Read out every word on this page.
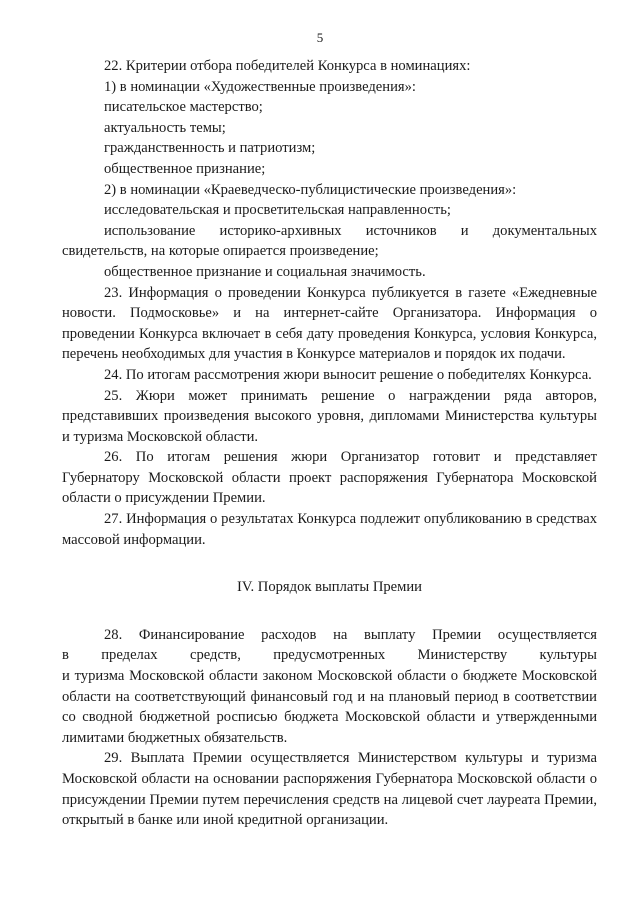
5

22. Критерии отбора победителей Конкурса в номинациях:

1) в номинации «Художественные произведения»:

писательское мастерство;

актуальность темы;

гражданственность и патриотизм;

общественное признание;

2) в номинации «Краеведческо-публицистические произведения»:

исследовательская и просветительская направленность;

использование историко-архивных источников и документальных свидетельств, на которые опирается произведение;

общественное признание и социальная значимость.

23. Информация о проведении Конкурса публикуется в газете «Ежедневные новости. Подмосковье» и на интернет-сайте Организатора. Информация о проведении Конкурса включает в себя дату проведения Конкурса, условия Конкурса, перечень необходимых для участия в Конкурсе материалов и порядок их подачи.

24. По итогам рассмотрения жюри выносит решение о победителях Конкурса.

25. Жюри может принимать решение о награждении ряда авторов, представивших произведения высокого уровня, дипломами Министерства культуры и туризма Московской области.

26. По итогам решения жюри Организатор готовит и представляет Губернатору Московской области проект распоряжения Губернатора Московской области о присуждении Премии.

27. Информация о результатах Конкурса подлежит опубликованию в средствах массовой информации.

IV. Порядок выплаты Премии
28. Финансирование расходов на выплату Премии осуществляется
в пределах средств, предусмотренных Министерству культуры
и туризма Московской области законом Московской области о бюджете Московской области на соответствующий финансовый год и на плановый период в соответствии со сводной бюджетной росписью бюджета Московской области и утвержденными лимитами бюджетных обязательств.

29. Выплата Премии осуществляется Министерством культуры и туризма Московской области на основании распоряжения Губернатора Московской области о присуждении Премии путем перечисления средств на лицевой счет лауреата Премии, открытый в банке или иной кредитной организации.
